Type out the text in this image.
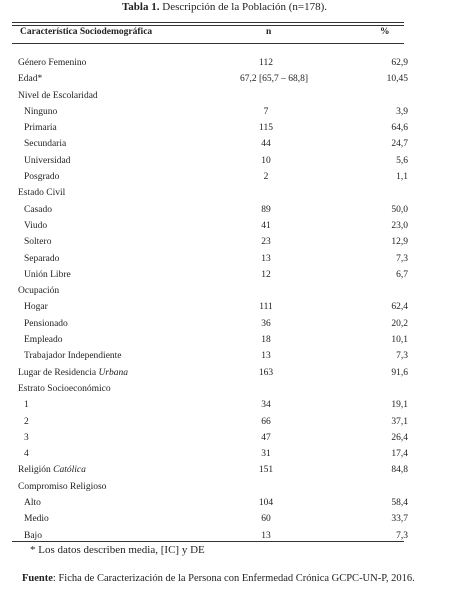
Tabla 1. Descripción de la Población (n=178).
Característica Sociodemográfica	n	%
Género Femenino	112	62,9
Edad*	67,2 [65,7 – 68,8]	10,45
Nivel de Escolaridad
Ninguno	7	3,9
Primaria	115	64,6
Secundaria	44	24,7
Universidad	10	5,6
Posgrado	2	1,1
Estado Civil
Casado	89	50,0
Viudo	41	23,0
Soltero	23	12,9
Separado	13	7,3
Unión Libre	12	6,7
Ocupación
Hogar	111	62,4
Pensionado	36	20,2
Empleado	18	10,1
Trabajador Independiente	13	7,3
Lugar de Residencia Urbana	163	91,6
Estrato Socioeconómico
1	34	19,1
2	66	37,1
3	47	26,4
4	31	17,4
Religión Católica	151	84,8
Compromiso Religioso
Alto	104	58,4
Medio	60	33,7
Bajo	13	7,3
* Los datos describen media, [IC] y DE
Fuente: Ficha de Caracterización de la Persona con Enfermedad Crónica GCPC-UN-P, 2016.
